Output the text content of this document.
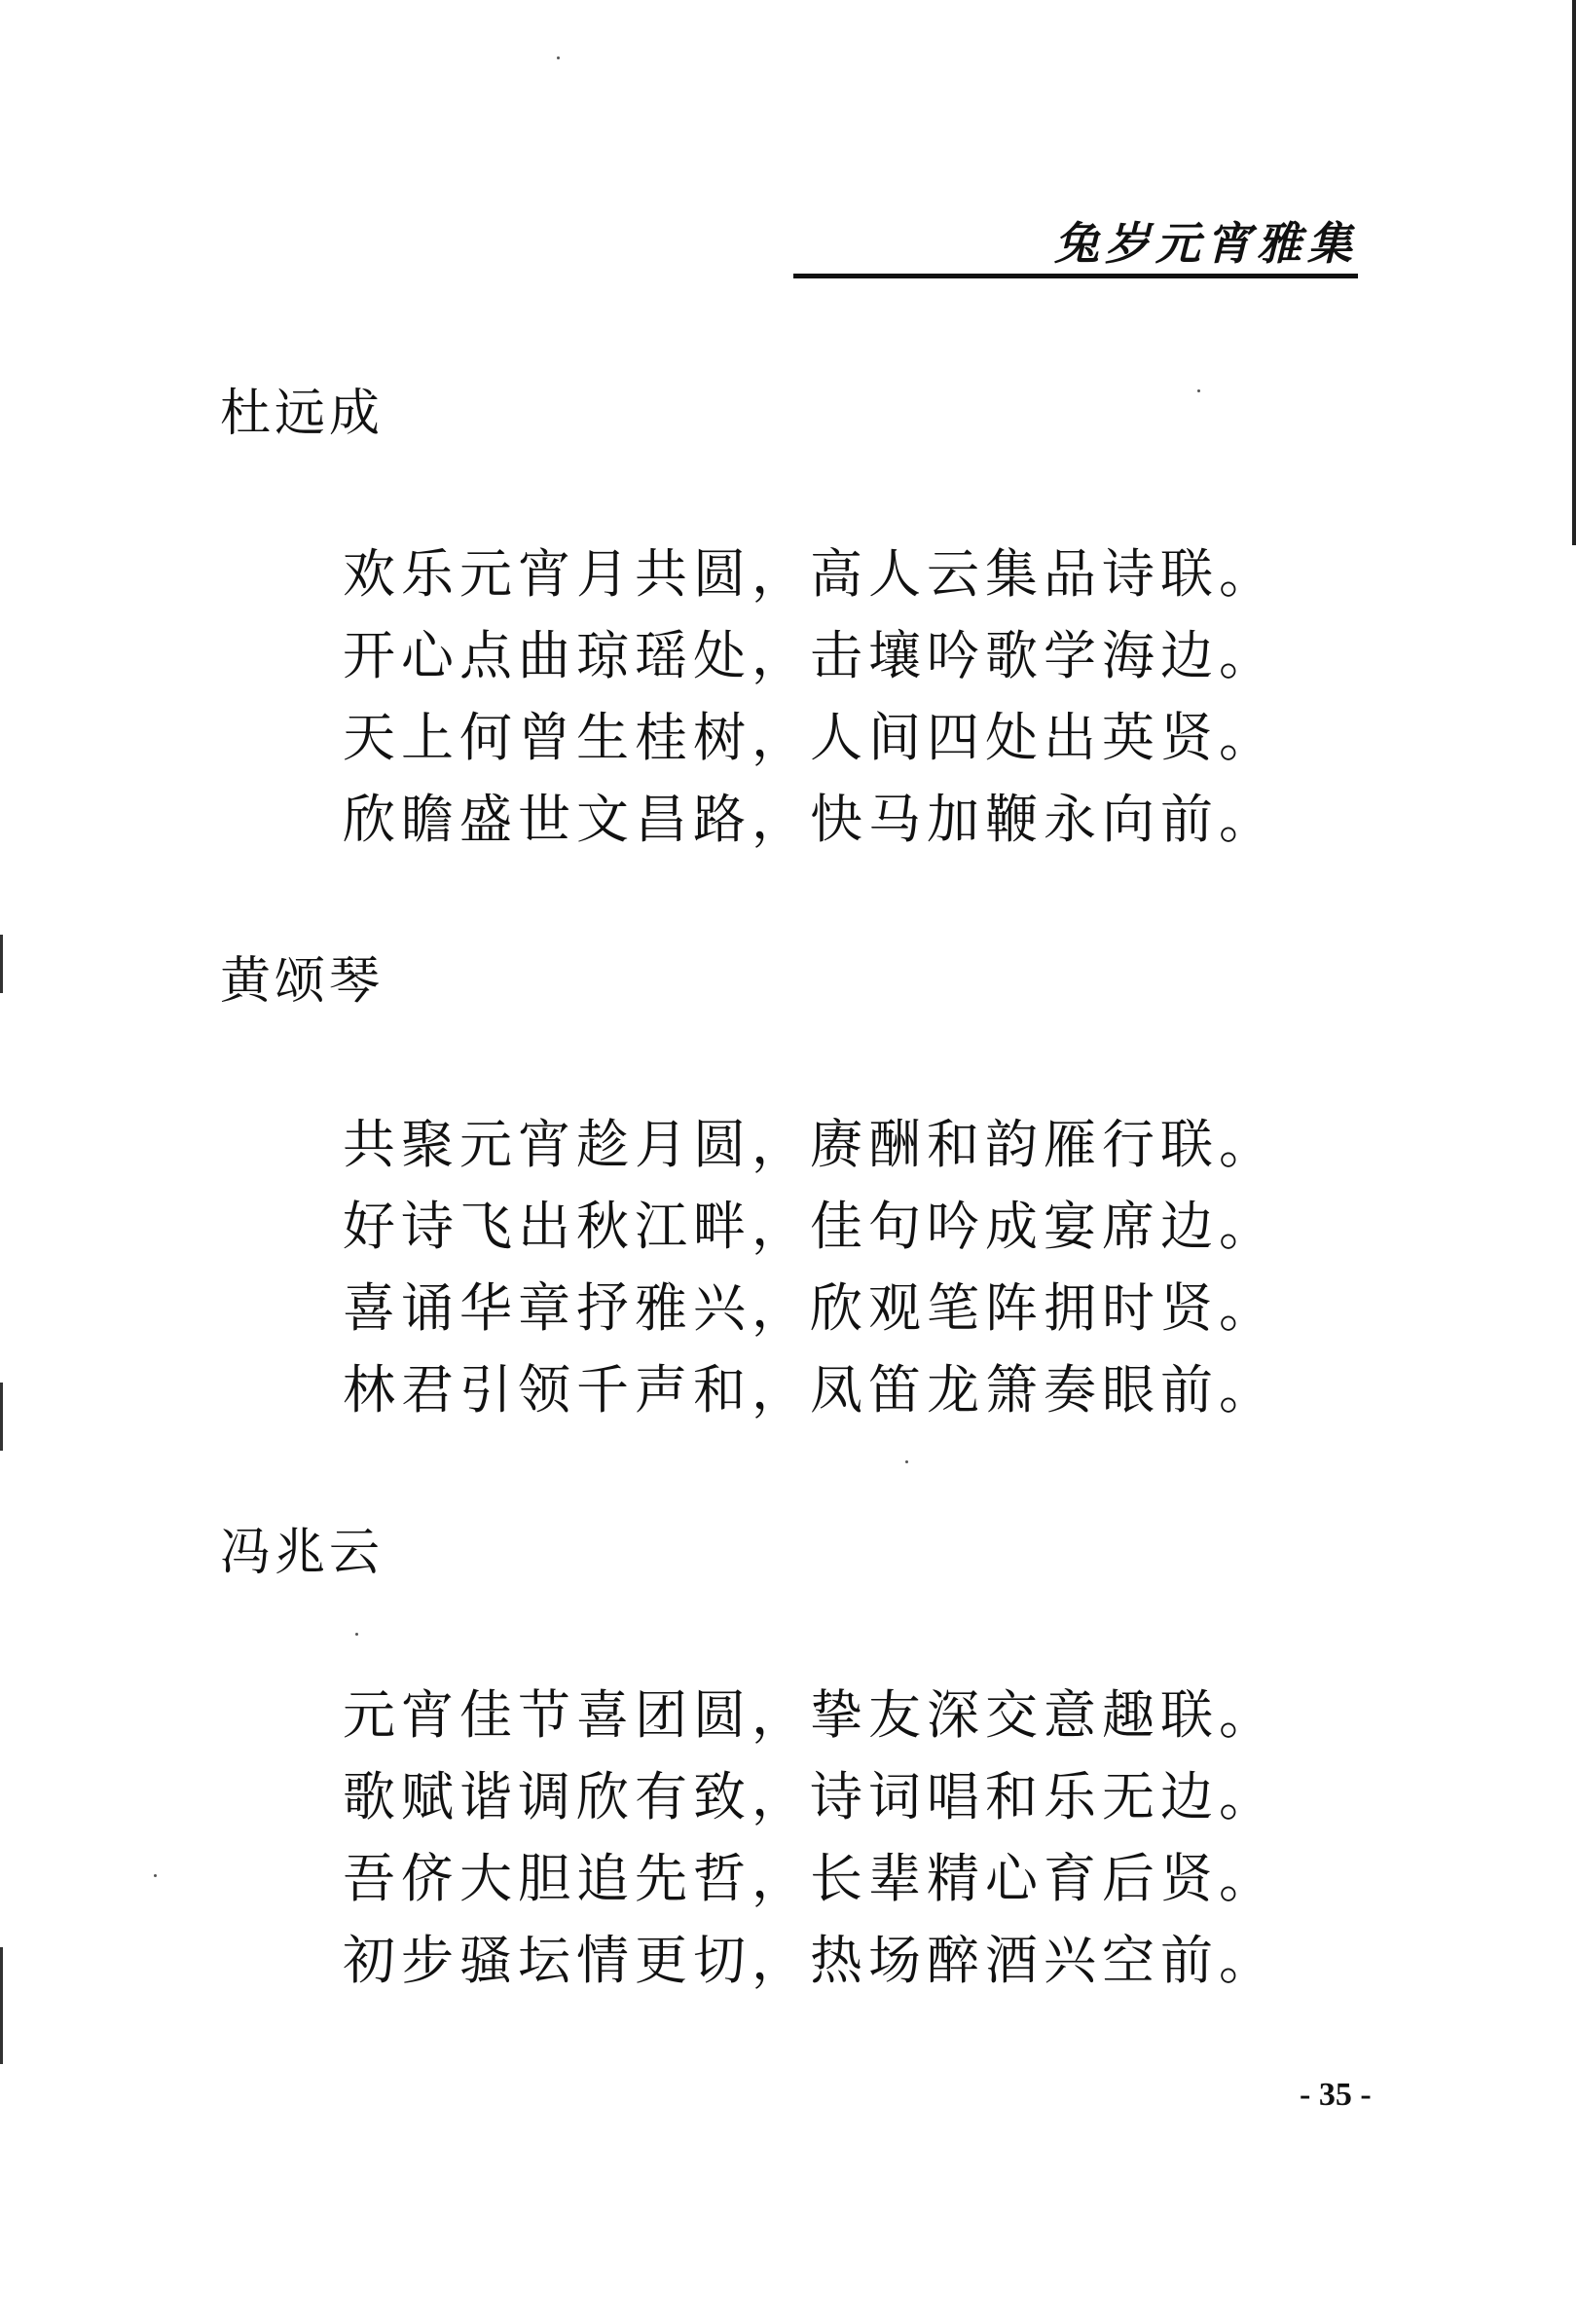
兔岁元宵雅集
杜远成
欢乐元宵月共圆，高人云集品诗联。
开心点曲琼瑶处，击壤吟歌学海边。
天上何曾生桂树，人间四处出英贤。
欣瞻盛世文昌路，快马加鞭永向前。
黄颂琴
共聚元宵趁月圆，赓酬和韵雁行联。
好诗飞出秋江畔，佳句吟成宴席边。
喜诵华章抒雅兴，欣观笔阵拥时贤。
林君引领千声和，凤笛龙箫奏眼前。
冯兆云
元宵佳节喜团圆，挚友深交意趣联。
歌赋谐调欣有致，诗词唱和乐无边。
吾侪大胆追先哲，长辈精心育后贤。
初步骚坛情更切，热场醉酒兴空前。
- 35 -
